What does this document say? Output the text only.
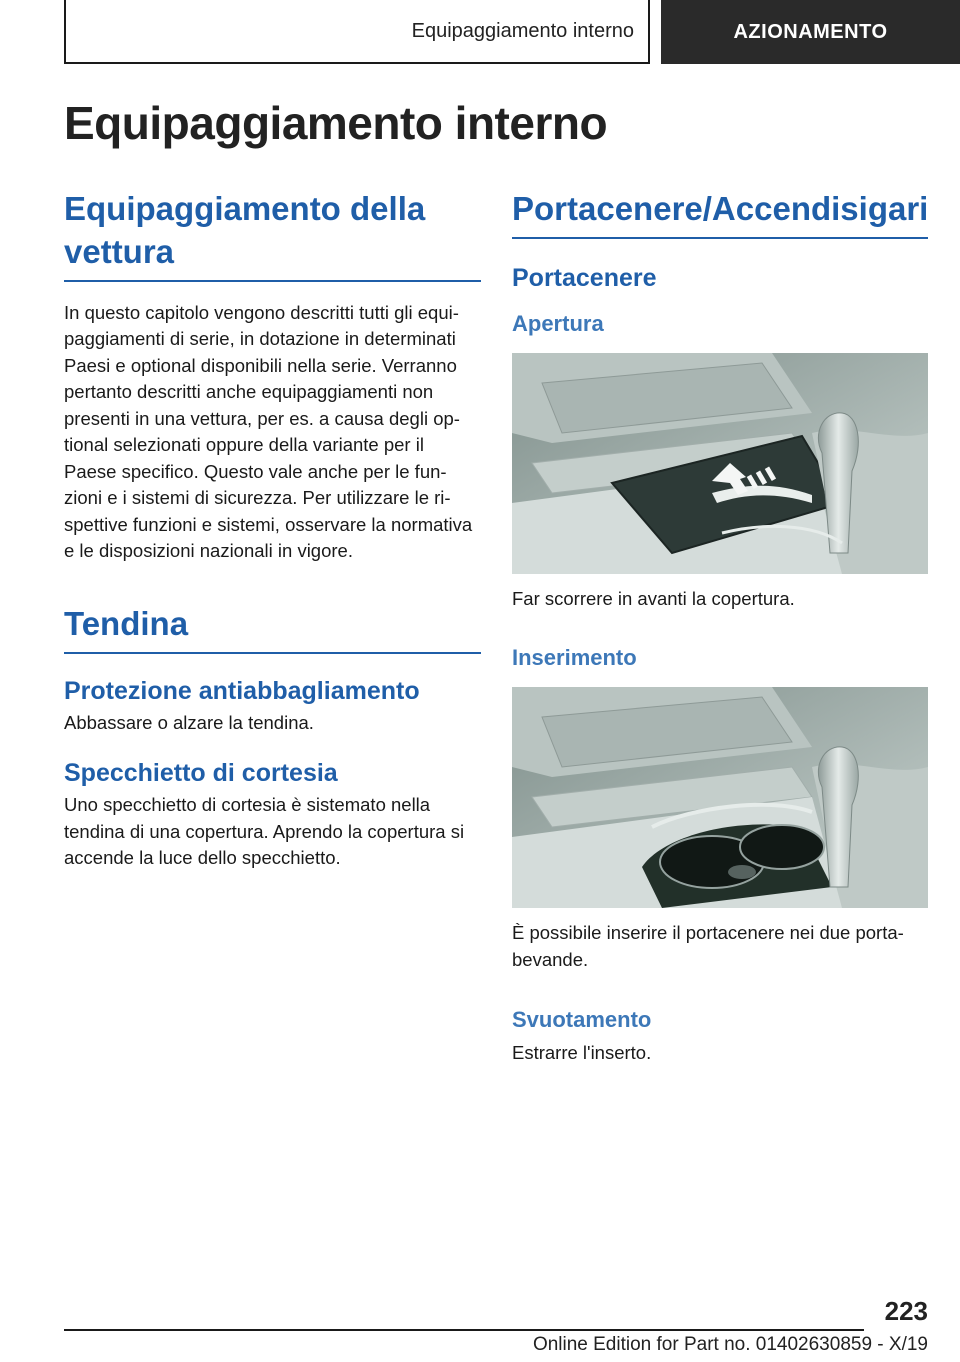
Equipaggiamento interno	AZIONAMENTO
Equipaggiamento interno
Equipaggiamento della vettura

In questo capitolo vengono descritti tutti gli equi-paggiamenti di serie, in dotazione in determinati Paesi e optional disponibili nella serie. Verranno pertanto descritti anche equipaggiamenti non presenti in una vettura, per es. a causa degli op-tional selezionati oppure della variante per il Paese specifico. Questo vale anche per le fun-zioni e i sistemi di sicurezza. Per utilizzare le ri-spettive funzioni e sistemi, osservare la normativa e le disposizioni nazionali in vigore.

Tendina
Protezione antiabbagliamento

Abbassare o alzare la tendina.

Specchietto di cortesia

Uno specchietto di cortesia è sistemato nella tendina di una copertura. Aprendo la copertura si accende la luce dello specchietto.

Portacenere/Accendisigari
Portacenere
Apertura

Far scorrere in avanti la copertura.

Inserimento

È possibile inserire il portacenere nei due porta-bevande.

Svuotamento

Estrarre l'inserto.

223
Online Edition for Part no. 01402630859 - X/19
